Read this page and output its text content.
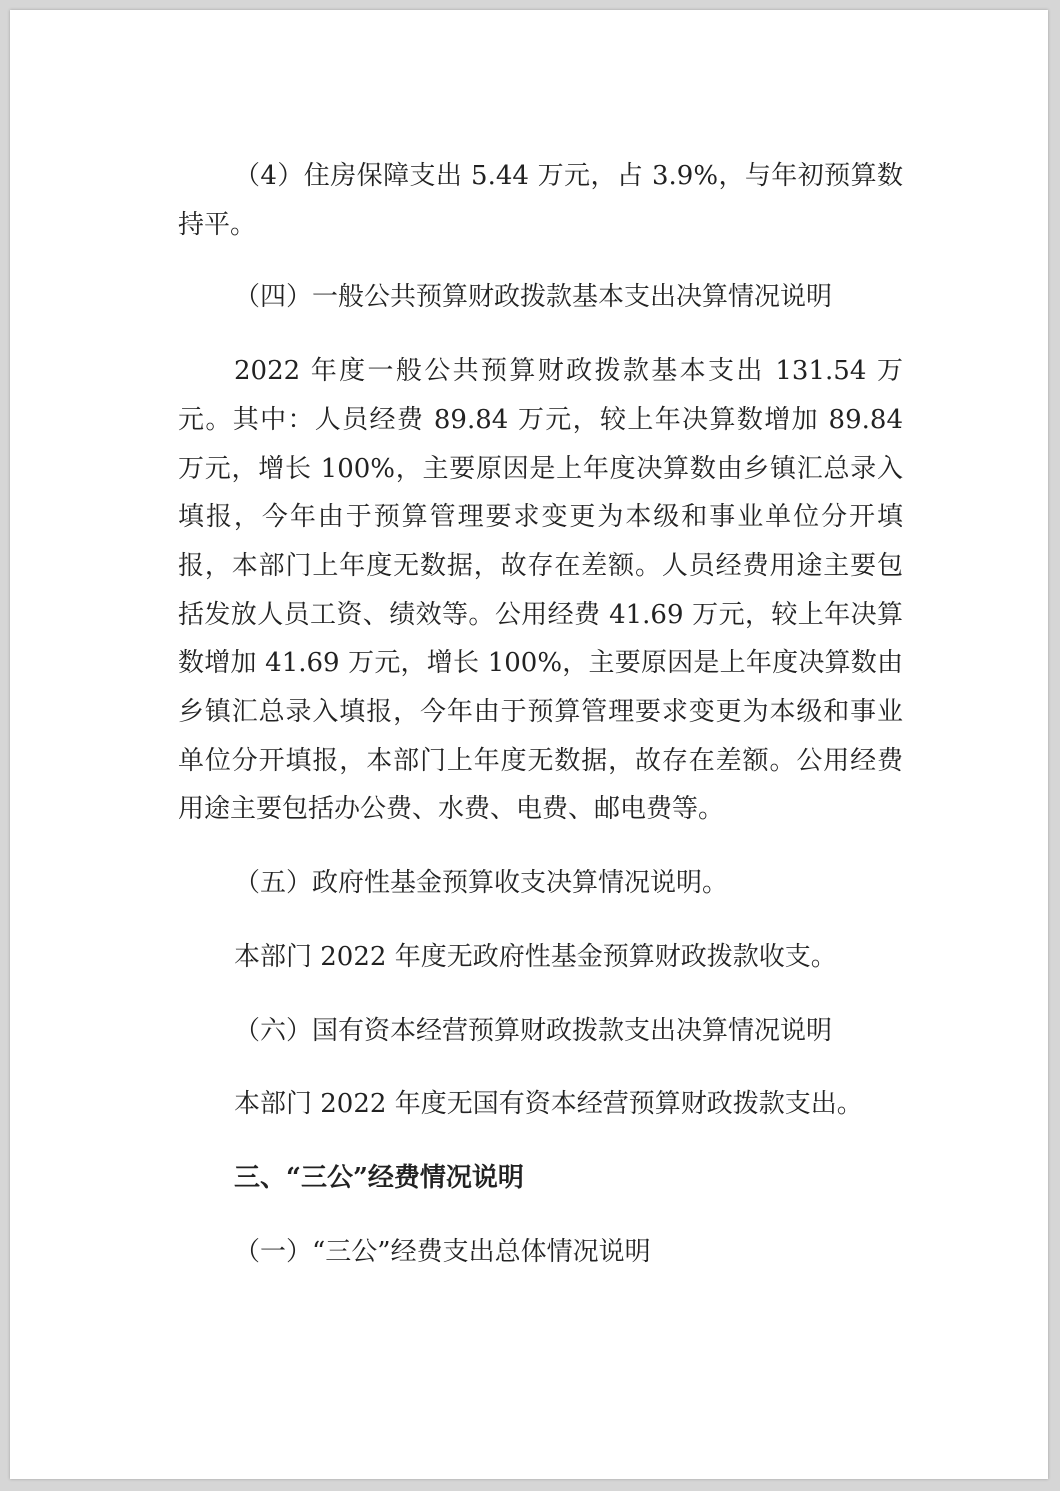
（4）住房保障支出 5.44 万元，占 3.9%，与年初预算数持平。

（四）一般公共预算财政拨款基本支出决算情况说明

2022 年度一般公共预算财政拨款基本支出 131.54 万元。其中：人员经费 89.84 万元，较上年决算数增加 89.84 万元，增长 100%，主要原因是上年度决算数由乡镇汇总录入填报，今年由于预算管理要求变更为本级和事业单位分开填报，本部门上年度无数据，故存在差额。人员经费用途主要包括发放人员工资、绩效等。公用经费 41.69 万元，较上年决算数增加 41.69 万元，增长 100%，主要原因是上年度决算数由乡镇汇总录入填报，今年由于预算管理要求变更为本级和事业单位分开填报，本部门上年度无数据，故存在差额。公用经费用途主要包括办公费、水费、电费、邮电费等。

（五）政府性基金预算收支决算情况说明。

本部门 2022 年度无政府性基金预算财政拨款收支。

（六）国有资本经营预算财政拨款支出决算情况说明

本部门 2022 年度无国有资本经营预算财政拨款支出。

三、“三公”经费情况说明

（一）“三公”经费支出总体情况说明
